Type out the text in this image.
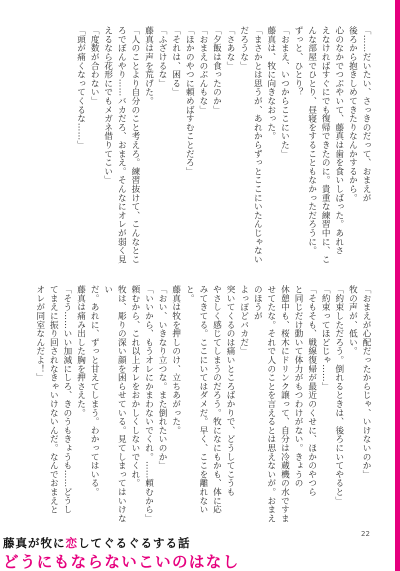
「……だいたい、さっきのだって、おまえが

後ろから抱きしめてきたりなんかするから。

心のなかでつぶやいて、藤真は歯を食いしばった。あれさ

えなければすぐにでも復帰できたのに。貴重な練習中に、こ

んな部屋でひとり、昼寝をすることもなかっただろうに。

ずっと、ひとり？

「おまえ、いつからここにいた」

藤真は、牧に向きなおった。

「まさかとは思うが、あれからずっとここにいたんじゃない

だろうな」

「さあな」

「夕飯は食ったのか」

「おまえのぶんもな」

「ほかのやつに頼めばすむことだろ」

「それは、困る」

「ふざけるな」

藤真は声を荒げた。

「人のことより自分のこと考えろ。練習抜けて、こんなとこ

ろでぼんやり……バカだろ、おまえ。そんなにオレが弱く見

えるなら花形にでもメガネ借りてこい」

「度数が合わない」

「頭が痛くなってくるな……」

「おまえが心配だったからじゃ、いけないのか」

牧の声が、低い。

「約束しただろう。倒れるときは、後ろにいてやると」

「約束ってほどじゃ……」

「そもそも、戦線復帰が最近のくせに、ほかのやつら

と同じだけ動いて体力がもつわけがない。きょうの

休憩中も、桜木にドリンク譲って、自分は冷蔵機の水ですま

せてたな。それで人のことを言えるとは思えないが。おまえのほうが

よっぽどバカだ」

突いてくるのは痛いところばかりで、どうしてこうも

やさしく感じてしまうのだろう。牧になにもかも、体に応

みてきてる。ここにいてはダメだ。早く、ここを離れないと。

藤真は牧を押しのけ、立ちあがった。

「おい、いきなり立つな。また倒れたいのか」

「いいから、もうオレにかまわないでくれ。……頼むから」

頼むから、これ以上オレをおかしくしないでくれ。

牧は、彫りの深い顔を困らせている。見てしまってはいけない

だ。あれに、ずっと甘えてしまう。わかってはいる。

藤真は痛み出した胸を押さえた。

「そう……いい加減にしろ、きのうもきょうも……どうし

てまえに振り回されなきゃいけないんだ。なんでおまえと

オレが同室なんだよ！」

22
藤真が牧に恋してぐるぐるする話
どうにもならないこいのはなし
